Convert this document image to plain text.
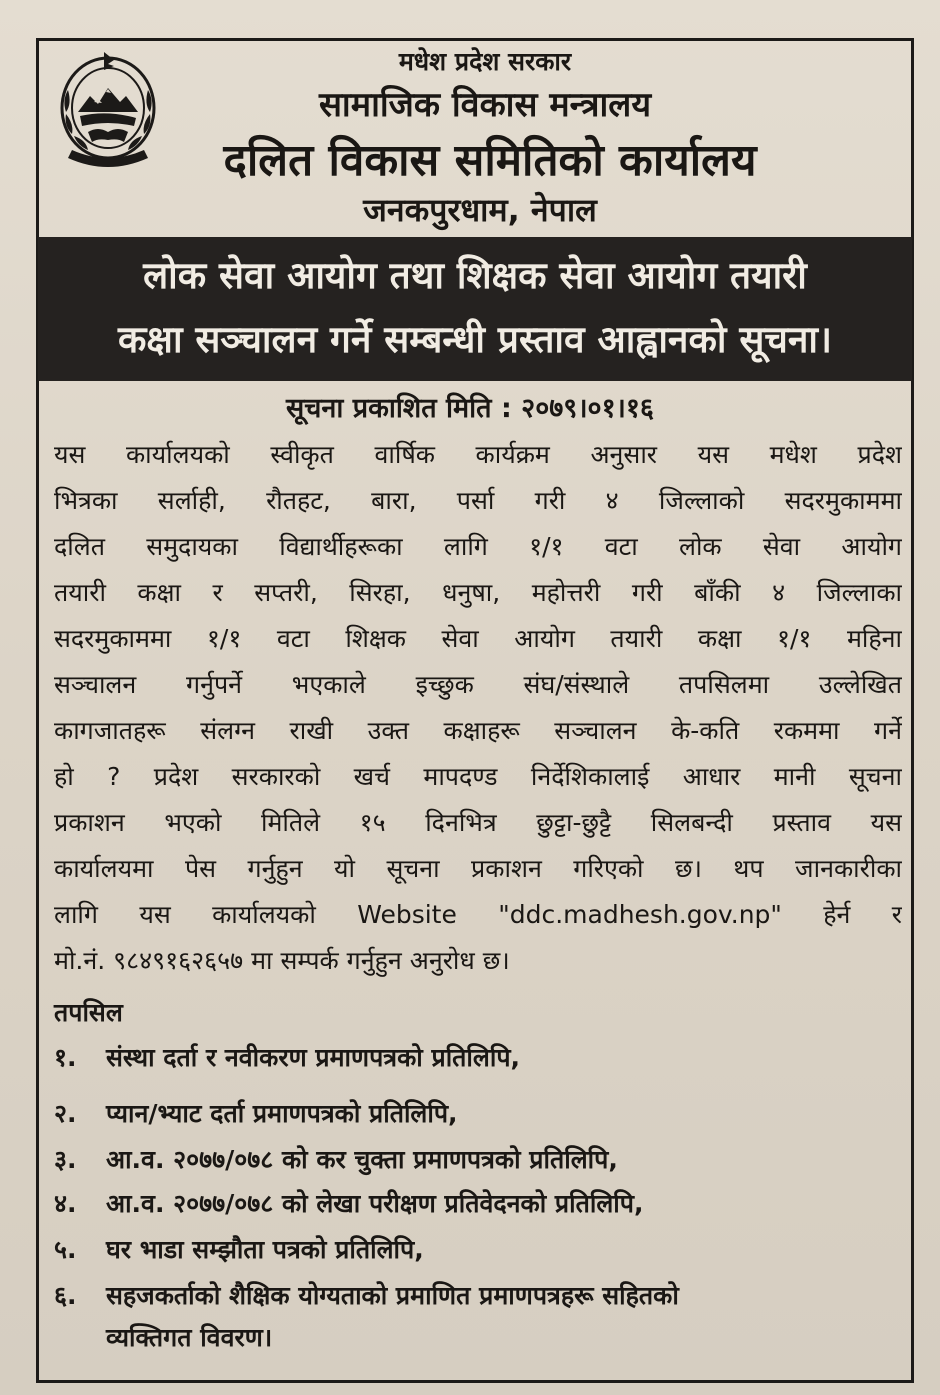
मधेश प्रदेश सरकार
सामाजिक विकास मन्त्रालय
दलित विकास समितिको कार्यालय
जनकपुरधाम, नेपाल
लोक सेवा आयोग तथा शिक्षक सेवा आयोग तयारी
कक्षा सञ्चालन गर्ने सम्बन्धी प्रस्ताव आह्वानको सूचना।
सूचना प्रकाशित मिति : २०७९।०१।१६
यस कार्यालयको स्वीकृत वार्षिक कार्यक्रम अनुसार यस मधेश प्रदेश
भित्रका सर्लाही, रौतहट, बारा, पर्सा गरी ४ जिल्लाको सदरमुकाममा
दलित समुदायका विद्यार्थीहरूका लागि १/१ वटा लोक सेवा आयोग
तयारी कक्षा र सप्तरी, सिरहा, धनुषा, महोत्तरी गरी बाँकी ४ जिल्लाका
सदरमुकाममा १/१ वटा शिक्षक सेवा आयोग तयारी कक्षा १/१ महिना
सञ्चालन गर्नुपर्ने भएकाले इच्छुक संघ/संस्थाले तपसिलमा उल्लेखित
कागजातहरू संलग्न राखी उक्त कक्षाहरू सञ्चालन के-कति रकममा गर्ने
हो ? प्रदेश सरकारको खर्च मापदण्ड निर्देशिकालाई आधार मानी सूचना
प्रकाशन भएको मितिले १५ दिनभित्र छुट्टा-छुट्टै सिलबन्दी प्रस्ताव यस
कार्यालयमा पेस गर्नुहुन यो सूचना प्रकाशन गरिएको छ। थप जानकारीका
लागि यस कार्यालयको Website "ddc.madhesh.gov.np" हेर्न र
मो.नं. ९८४९१६२६५७ मा सम्पर्क गर्नुहुन अनुरोध छ।
तपसिल
१.	संस्था दर्ता र नवीकरण प्रमाणपत्रको प्रतिलिपि,
२.	प्यान/भ्याट दर्ता प्रमाणपत्रको प्रतिलिपि,
३.	आ.व. २०७७/०७८ को कर चुक्ता प्रमाणपत्रको प्रतिलिपि,
४.	आ.व. २०७७/०७८ को लेखा परीक्षण प्रतिवेदनको प्रतिलिपि,
५.	घर भाडा सम्झौता पत्रको प्रतिलिपि,
६.	सहजकर्ताको शैक्षिक योग्यताको प्रमाणित प्रमाणपत्रहरू सहितको
व्यक्तिगत विवरण।
